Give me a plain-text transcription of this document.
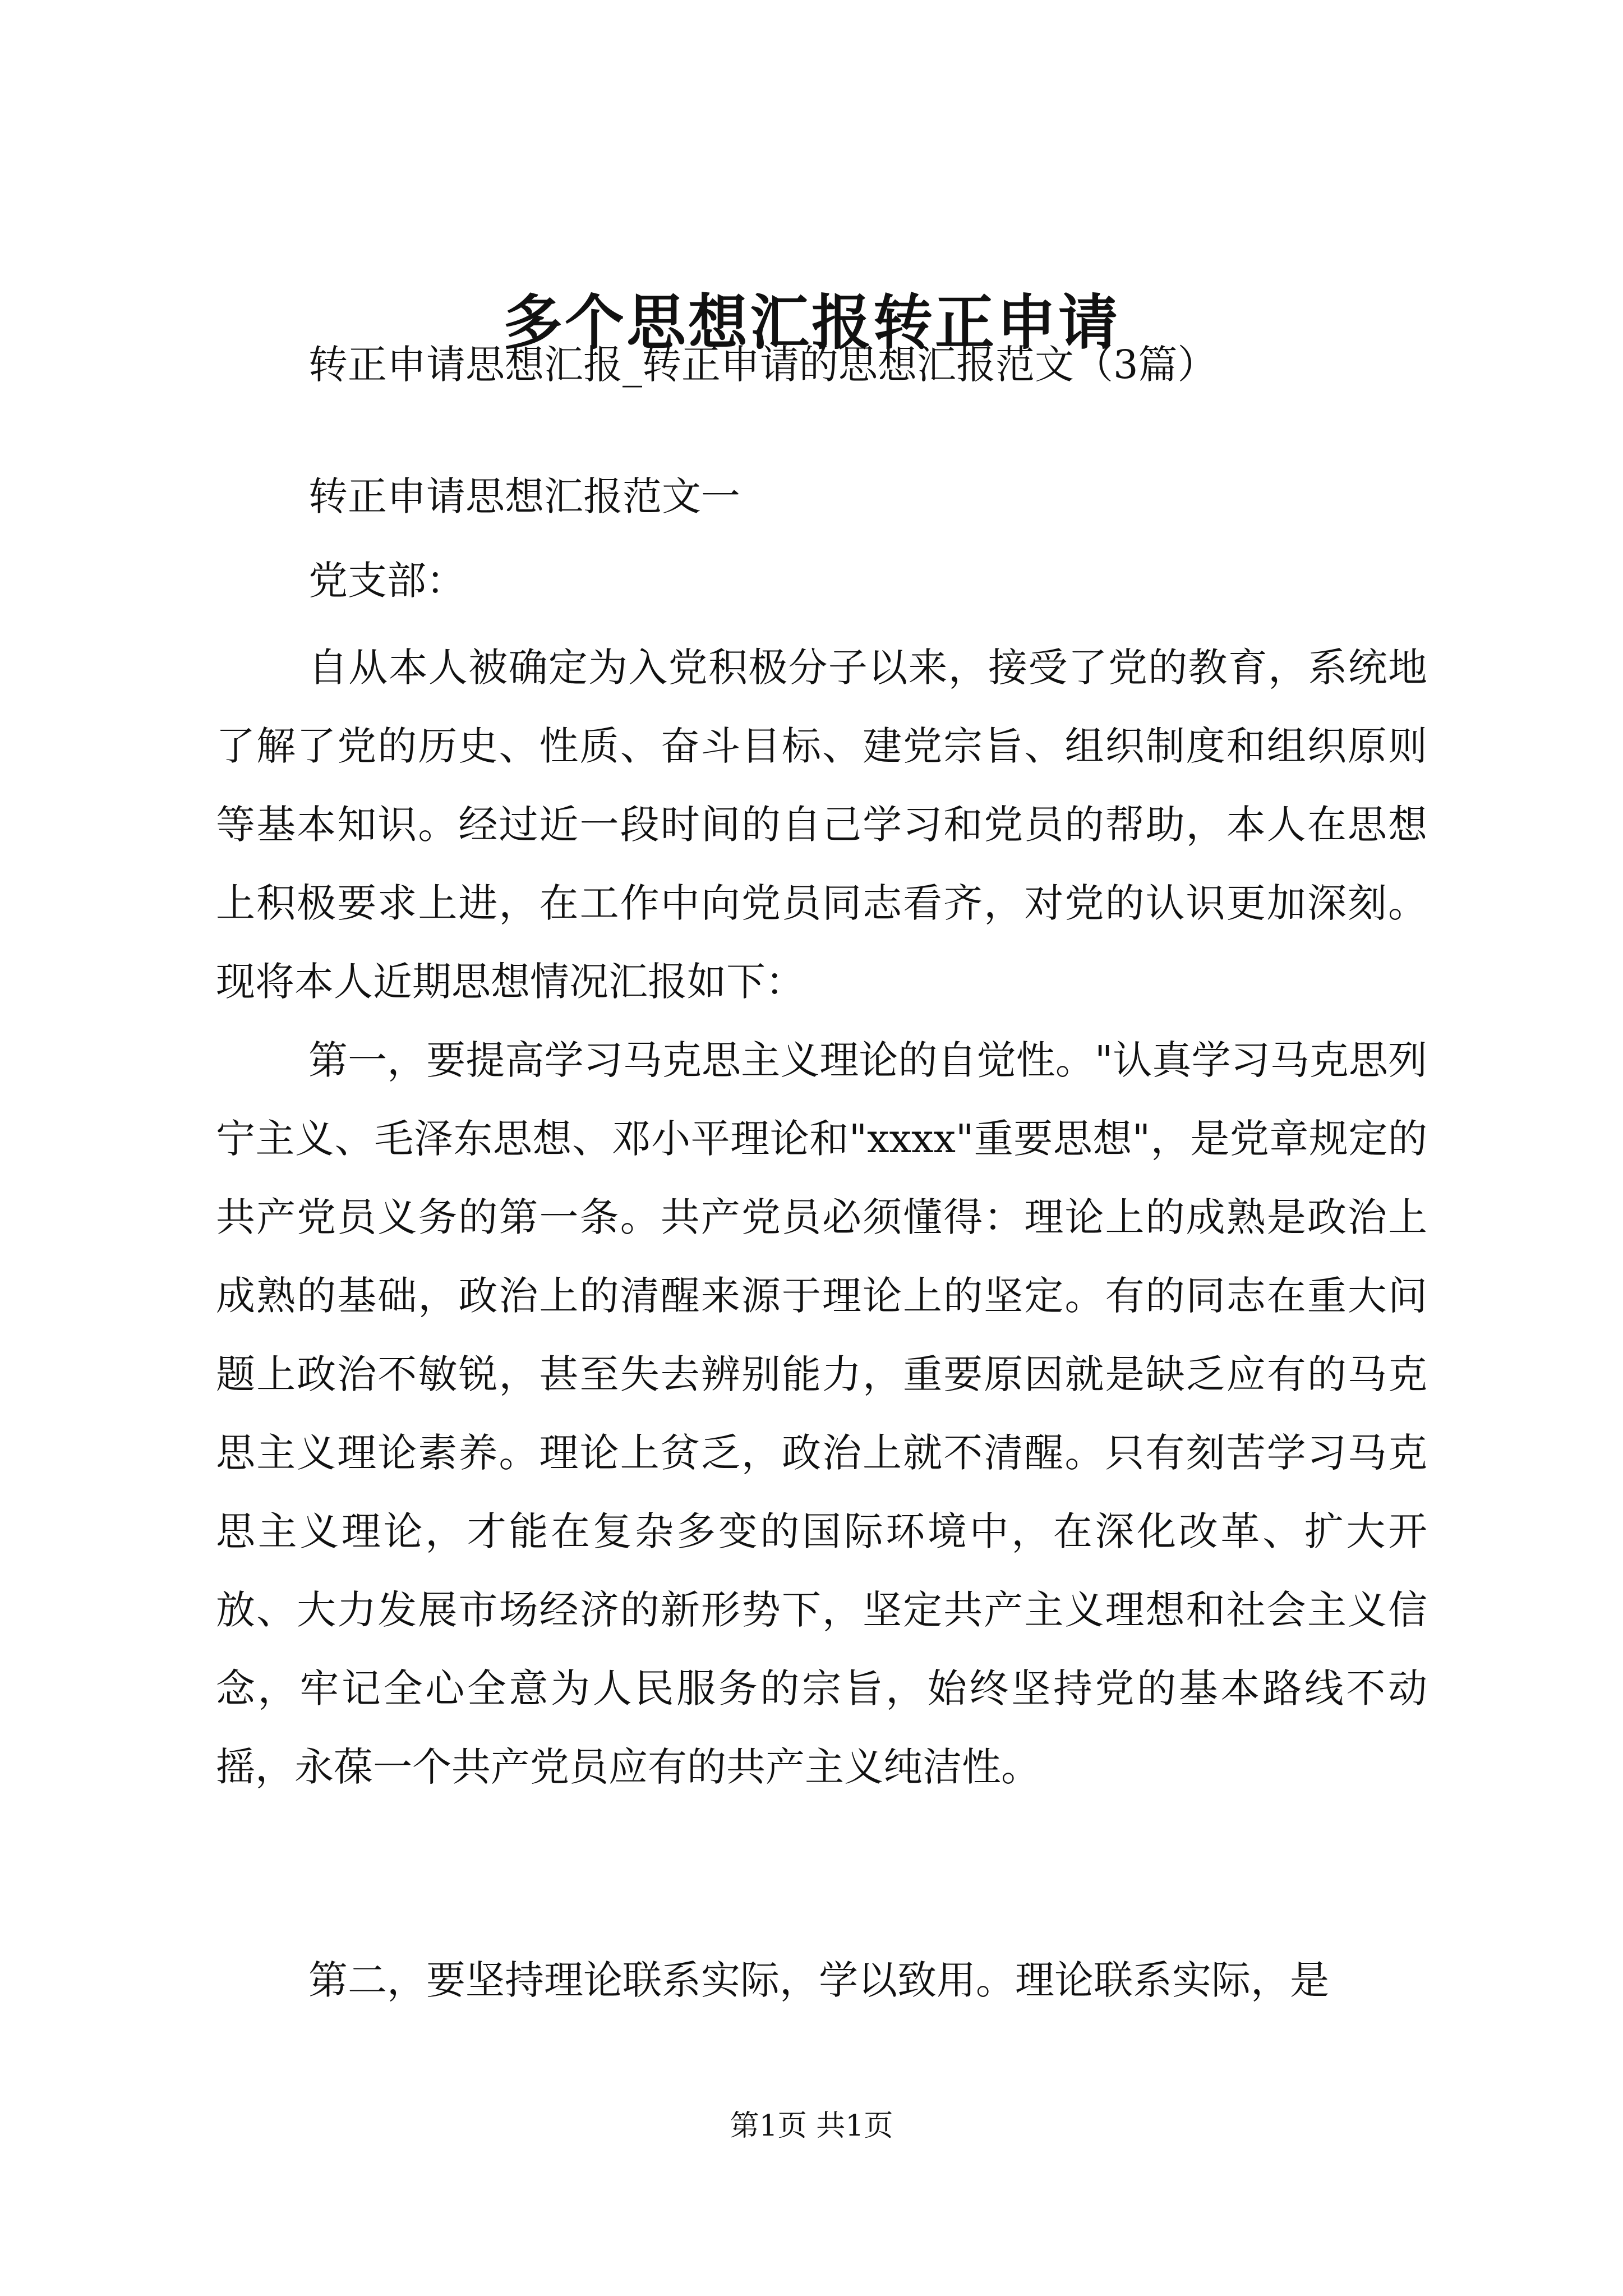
多个思想汇报转正申请
转正申请思想汇报_转正申请的思想汇报范文（3篇）
转正申请思想汇报范文一
党支部：

自从本人被确定为入党积极分子以来，接受了党的教育，系统地了解了党的历史、性质、奋斗目标、建党宗旨、组织制度和组织原则等基本知识。经过近一段时间的自己学习和党员的帮助，本人在思想上积极要求上进，在工作中向党员同志看齐，对党的认识更加深刻。现将本人近期思想情况汇报如下：

第一，要提高学习马克思主义理论的自觉性。"认真学习马克思列宁主义、毛泽东思想、邓小平理论和"xxxx"重要思想"，是党章规定的共产党员义务的第一条。共产党员必须懂得：理论上的成熟是政治上成熟的基础，政治上的清醒来源于理论上的坚定。有的同志在重大问题上政治不敏锐，甚至失去辨别能力，重要原因就是缺乏应有的马克思主义理论素养。理论上贫乏，政治上就不清醒。只有刻苦学习马克思主义理论，才能在复杂多变的国际环境中，在深化改革、扩大开放、大力发展市场经济的新形势下，坚定共产主义理想和社会主义信念，牢记全心全意为人民服务的宗旨，始终坚持党的基本路线不动摇，永葆一个共产党员应有的共产主义纯洁性。

第二，要坚持理论联系实际，学以致用。理论联系实际，是

第1页 共1页
